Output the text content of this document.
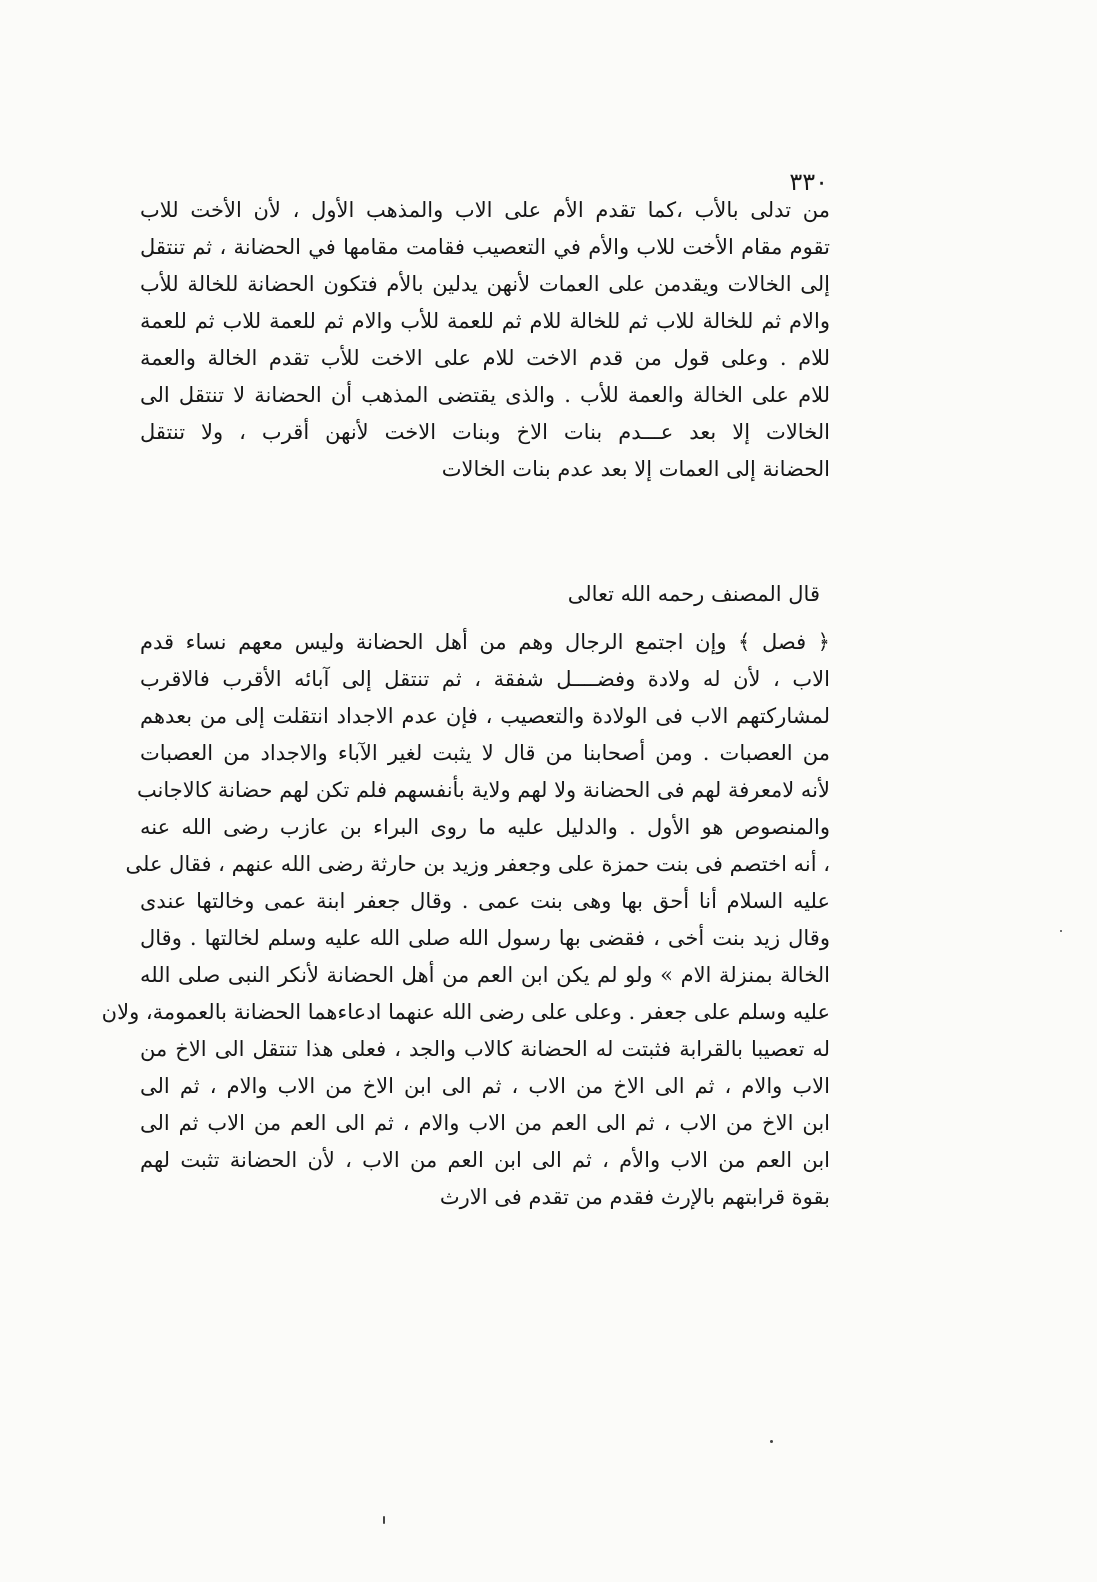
٣٣٠
من تدلى بالأب ،كما تقدم الأم على الاب والمذهب الأول ، لأن الأخت للاب
تقوم مقام الأخت للاب والأم في التعصيب فقامت مقامها في الحضانة ، ثم تنتقل
إلى الخالات ويقدمن على العمات لأنهن يدلين بالأم فتكون الحضانة للخالة للأب
والام ثم للخالة للاب ثم للخالة للام ثم للعمة للأب والام ثم للعمة للاب ثم للعمة
للام . وعلى قول من قدم الاخت للام على الاخت للأب تقدم الخالة والعمة
للام على الخالة والعمة للأب . والذى يقتضى المذهب أن الحضانة لا تنتقل الى
الخالات إلا بعد عـــدم بنات الاخ وبنات الاخت لأنهن أقرب ، ولا تنتقل
الحضانة إلى العمات إلا بعد عدم بنات الخالات
قال المصنف رحمه الله تعالى
﴿ فصل ﴾ وإن اجتمع الرجال وهم من أهل الحضانة وليس معهم نساء قدم
الاب ، لأن له ولادة وفضــــل شفقة ، ثم تنتقل إلى آبائه الأقرب فالاقرب
لمشاركتهم الاب فى الولادة والتعصيب ، فإن عدم الاجداد انتقلت إلى من بعدهم
من العصبات . ومن أصحابنا من قال لا يثبت لغير الآباء والاجداد من العصبات
لأنه لامعرفة لهم فى الحضانة ولا لهم ولاية بأنفسهم فلم تكن لهم حضانة كالاجانب
والمنصوص هو الأول . والدليل عليه ما روى البراء بن عازب رضى الله عنه
، أنه اختصم فى بنت حمزة على وجعفر وزيد بن حارثة رضى الله عنهم ، فقال على
عليه السلام أنا أحق بها وهى بنت عمى . وقال جعفر ابنة عمى وخالتها عندى
وقال زيد بنت أخى ، فقضى بها رسول الله صلى الله عليه وسلم لخالتها . وقال
الخالة بمنزلة الام » ولو لم يكن ابن العم من أهل الحضانة لأنكر النبى صلى الله
عليه وسلم على جعفر . وعلى على رضى الله عنهما ادعاءهما الحضانة بالعمومة، ولان
له تعصيبا بالقرابة فثبتت له الحضانة كالاب والجد ، فعلى هذا تنتقل الى الاخ من
الاب والام ، ثم الى الاخ من الاب ، ثم الى ابن الاخ من الاب والام ، ثم الى
ابن الاخ من الاب ، ثم الى العم من الاب والام ، ثم الى العم من الاب ثم الى
ابن العم من الاب والأم ، ثم الى ابن العم من الاب ، لأن الحضانة تثبت لهم
بقوة قرابتهم بالإرث فقدم من تقدم فى الارث
